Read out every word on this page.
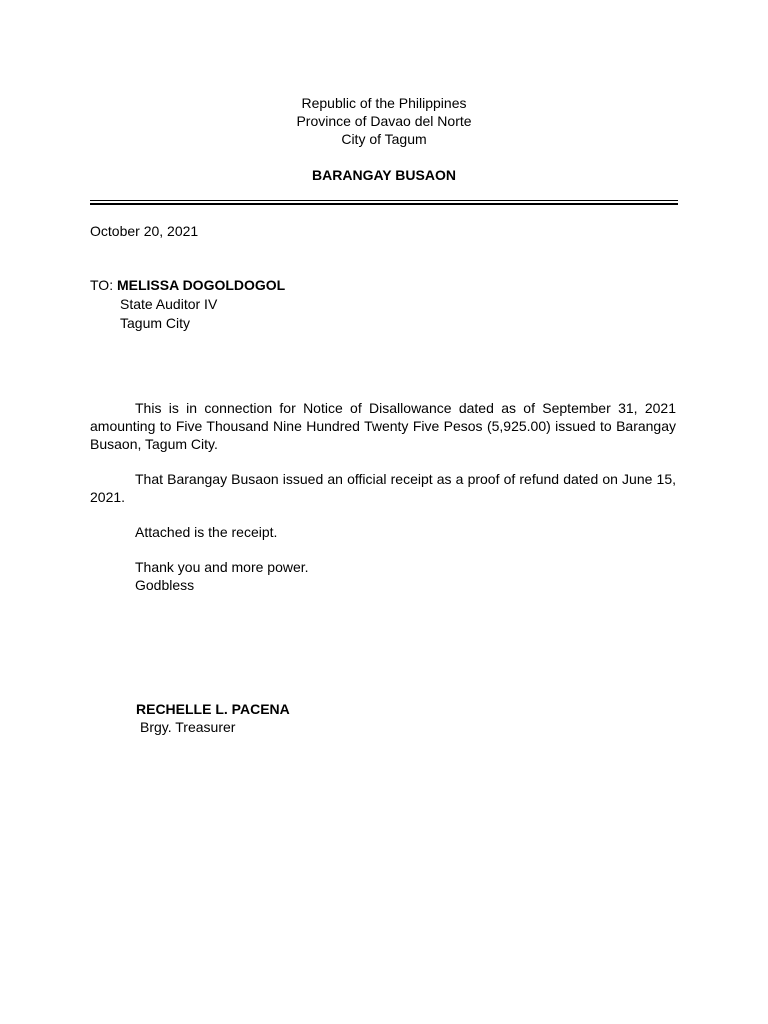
Republic of the Philippines
Province of Davao del Norte
City of Tagum
BARANGAY BUSAON
October 20, 2021
TO: MELISSA DOGOLDOGOL
State Auditor IV
Tagum City

This is in connection for Notice of Disallowance dated as of September 31, 2021 amounting to Five Thousand Nine Hundred Twenty Five Pesos (5,925.00) issued to Barangay Busaon, Tagum City.

That Barangay Busaon issued an official receipt as a proof of refund dated on June 15, 2021.

Attached is the receipt.

Thank you and more power.
Godbless

RECHELLE L. PACENA
Brgy. Treasurer
